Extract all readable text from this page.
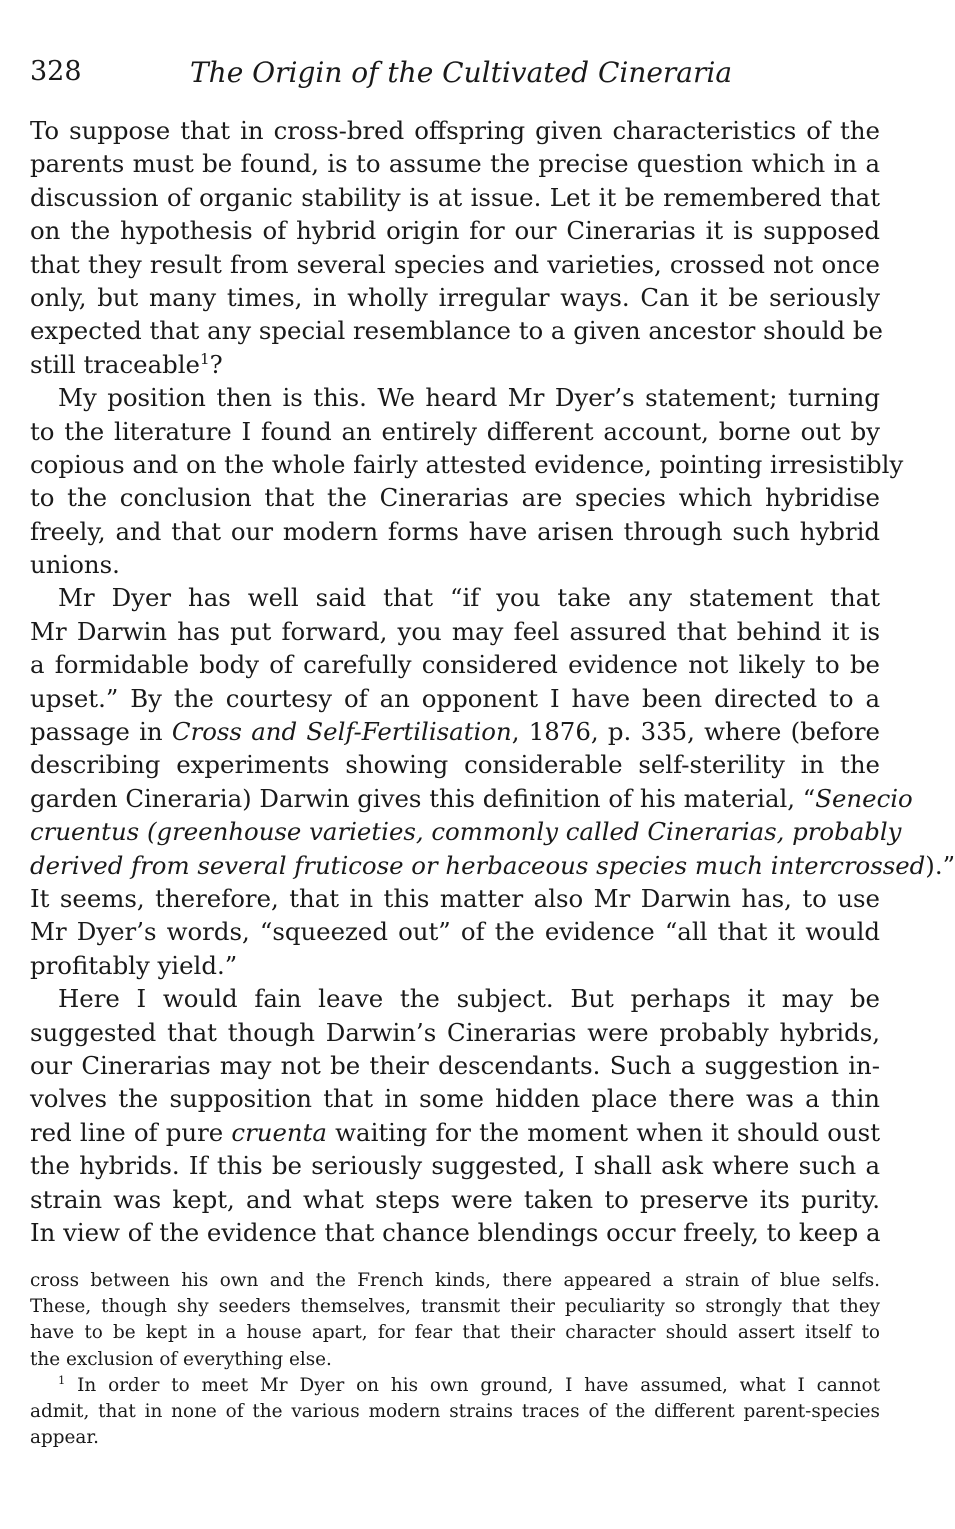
328	The Origin of the Cultivated Cineraria
To suppose that in cross-bred offspring given characteristics of the
parents must be found, is to assume the precise question which in a
discussion of organic stability is at issue. Let it be remembered that
on the hypothesis of hybrid origin for our Cinerarias it is supposed
that they result from several species and varieties, crossed not once
only, but many times, in wholly irregular ways. Can it be seriously
expected that any special resemblance to a given ancestor should be
still traceable$^1$?
My position then is this. We heard Mr Dyer’s statement; turning
to the literature I found an entirely different account, borne out by
copious and on the whole fairly attested evidence, pointing irresistibly
to the conclusion that the Cinerarias are species which hybridise
freely, and that our modern forms have arisen through such hybrid
unions.
Mr Dyer has well said that “if you take any statement that
Mr Darwin has put forward, you may feel assured that behind it is
a formidable body of carefully considered evidence not likely to be
upset.” By the courtesy of an opponent I have been directed to a
passage in Cross and Self-Fertilisation, 1876, p. 335, where (before
describing experiments showing considerable self-sterility in the
garden Cineraria) Darwin gives this definition of his material, “Senecio
cruentus (greenhouse varieties, commonly called Cinerarias, probably
derived from several fruticose or herbaceous species much intercrossed).”
It seems, therefore, that in this matter also Mr Darwin has, to use
Mr Dyer’s words, “squeezed out” of the evidence “all that it would
profitably yield.”
Here I would fain leave the subject. But perhaps it may be
suggested that though Darwin’s Cinerarias were probably hybrids,
our Cinerarias may not be their descendants. Such a suggestion in-
volves the supposition that in some hidden place there was a thin
red line of pure cruenta waiting for the moment when it should oust
the hybrids. If this be seriously suggested, I shall ask where such a
strain was kept, and what steps were taken to preserve its purity.
In view of the evidence that chance blendings occur freely, to keep a
cross between his own and the French kinds, there appeared a strain of blue selfs.
These, though shy seeders themselves, transmit their peculiarity so strongly that they
have to be kept in a house apart, for fear that their character should assert itself to
the exclusion of everything else.
$^1$ In order to meet Mr Dyer on his own ground, I have assumed, what I cannot
admit, that in none of the various modern strains traces of the different parent-species
appear.
